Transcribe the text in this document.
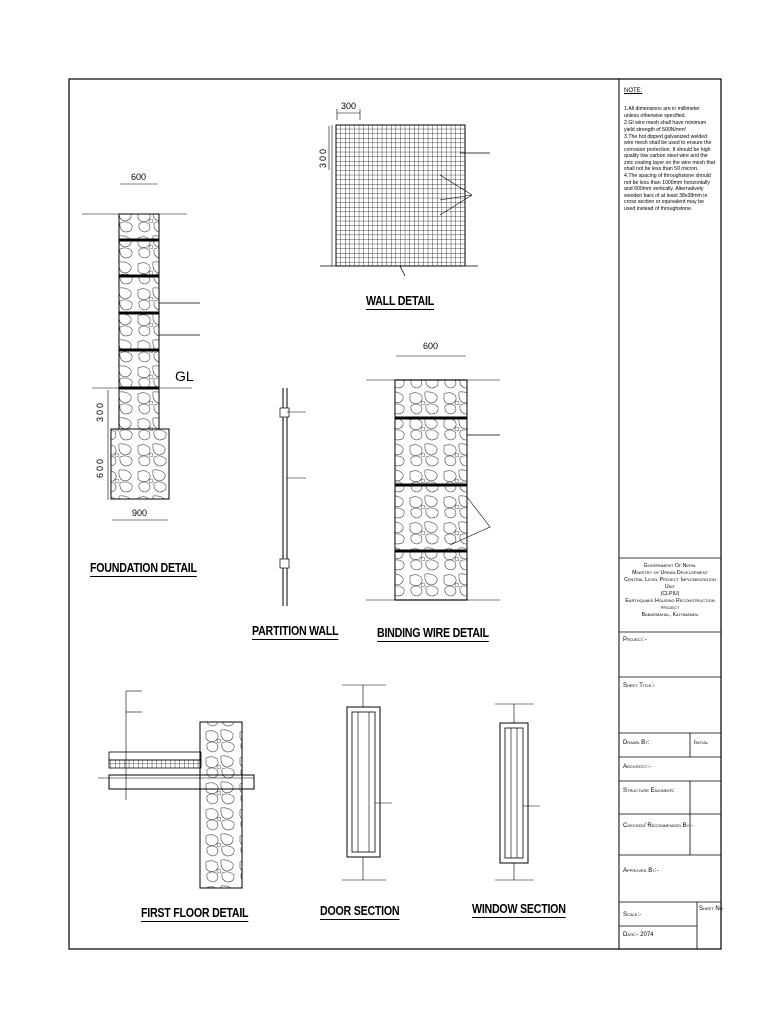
300
300
600
300
600
900
600
GL
WALL DETAIL
FOUNDATION DETAIL
PARTITION WALL	BINDING WIRE DETAIL
FIRST FLOOR DETAIL	DOOR SECTION	WINDOW SECTION
NOTE:
1.All dimensions are in millimeter unless otherwise specified.
2.GI wire mesh shall have minimum yield strength of 500N/mm²
3.The hot dipped galvanized welded wire mesh shall be used to ensure the corrosion protection. It should be high quality low carbon steel wire and the zinc coating layer on the wire mesh that shall not be less than 50 micron.
4.The spacing of throughstone should not be less than 1000mm horizontally and 600mm vertically. Alternatively wooden bars of at least 38x38mm in cross section or equivalent may be used instead of throughstone.
Government Of Nepal
Ministry of Urban Development
Central Level Project Implementation Unit
(CLPIU)
Earthquake Housing Reconstruction project
Babarmahal, Kathmandu
Project:-
Sheet Title:-
Drawn By:	Initial
Architect:-
Structure Engineer:
Checked/ Recommended By:-
Approved By:-
Scale:-
Sheet No
Date:- 2074
